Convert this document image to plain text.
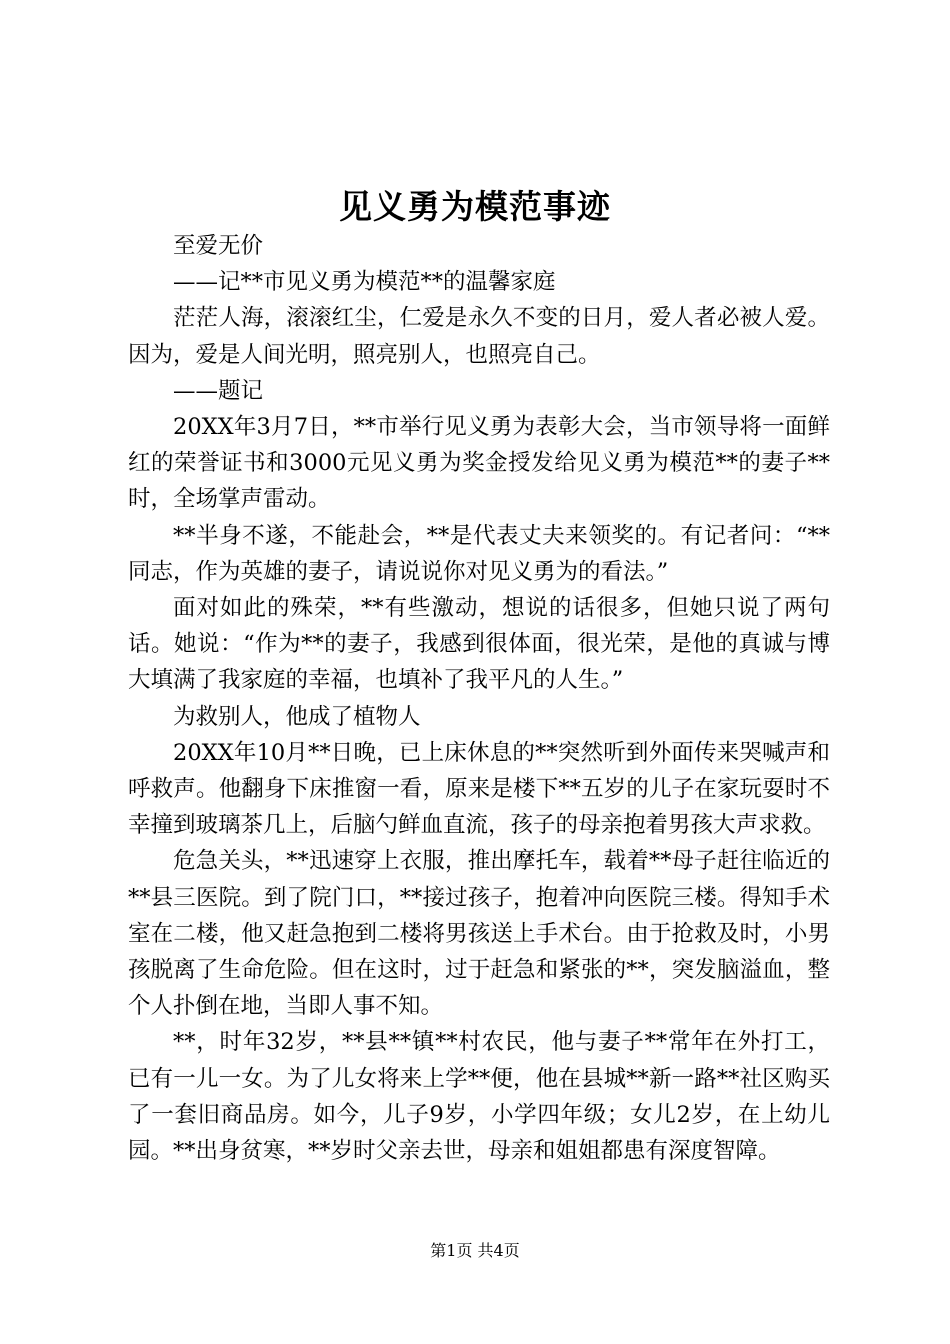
见义勇为模范事迹

至爱无价

——记**市见义勇为模范**的温馨家庭

茫茫人海，滚滚红尘，仁爱是永久不变的日月，爱人者必被人爱。因为，爱是人间光明，照亮别人，也照亮自己。

——题记

20XX年3月7日，**市举行见义勇为表彰大会，当市领导将一面鲜红的荣誉证书和3000元见义勇为奖金授发给见义勇为模范**的妻子**时，全场掌声雷动。

**半身不遂，不能赴会，**是代表丈夫来领奖的。有记者问：“**同志，作为英雄的妻子，请说说你对见义勇为的看法。”

面对如此的殊荣，**有些激动，想说的话很多，但她只说了两句话。她说：“作为**的妻子，我感到很体面，很光荣，是他的真诚与博大填满了我家庭的幸福，也填补了我平凡的人生。”

为救别人，他成了植物人

20XX年10月**日晚，已上床休息的**突然听到外面传来哭喊声和呼救声。他翻身下床推窗一看，原来是楼下**五岁的儿子在家玩耍时不幸撞到玻璃茶几上，后脑勺鲜血直流，孩子的母亲抱着男孩大声求救。

危急关头，**迅速穿上衣服，推出摩托车，载着**母子赶往临近的**县三医院。到了院门口，**接过孩子，抱着冲向医院三楼。得知手术室在二楼，他又赶急抱到二楼将男孩送上手术台。由于抢救及时，小男孩脱离了生命危险。但在这时，过于赶急和紧张的**，突发脑溢血，整个人扑倒在地，当即人事不知。

**，时年32岁，**县**镇**村农民，他与妻子**常年在外打工，已有一儿一女。为了儿女将来上学**便，他在县城**新一路**社区购买了一套旧商品房。如今，儿子9岁，小学四年级；女儿2岁，在上幼儿园。**出身贫寒，**岁时父亲去世，母亲和姐姐都患有深度智障。

第1页 共4页
